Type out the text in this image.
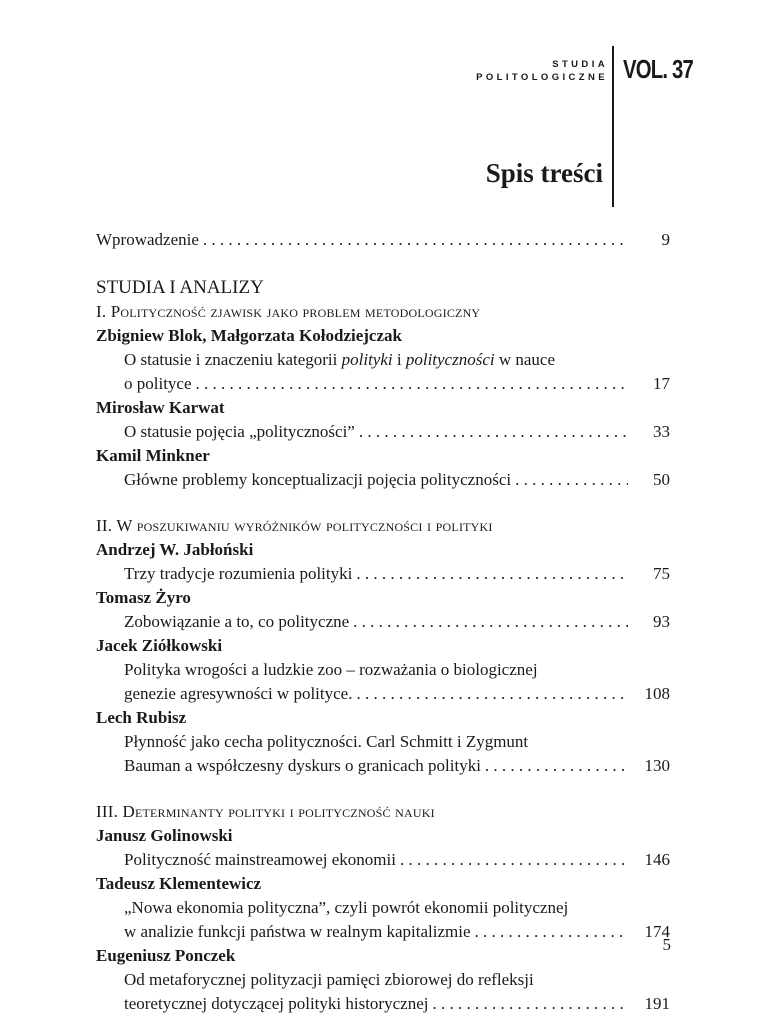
STUDIA
POLITOLOGICZNE VOL. 37
Spis treści
Wprowadzenie . . .	9
STUDIA I ANALIZY
I. Polityczność zjawisk jako problem metodologiczny
Zbigniew Blok, Małgorzata Kołodziejczak
O statusie i znaczeniu kategorii polityki i polityczności w nauce
o polityce . . .	17
Mirosław Karwat
O statusie pojęcia „polityczności” . . .	33
Kamil Minkner
Główne problemy konceptualizacji pojęcia polityczności . . .	50
II. W poszukiwaniu wyróżników polityczności i polityki
Andrzej W. Jabłoński
Trzy tradycje rozumienia polityki . . .	75
Tomasz Żyro
Zobowiązanie a to, co polityczne . . .	93
Jacek Ziółkowski
Polityka wrogości a ludzkie zoo – rozważania o biologicznej
genezie agresywności w polityce. . . .	108
Lech Rubisz
Płynność jako cecha polityczności. Carl Schmitt i Zygmunt
Bauman a współczesny dyskurs o granicach polityki . . .	130
III. Determinanty polityki i polityczność nauki
Janusz Golinowski
Polityczność mainstreamowej ekonomii . . .	146
Tadeusz Klementewicz
„Nowa ekonomia polityczna”, czyli powrót ekonomii politycznej
w analizie funkcji państwa w realnym kapitalizmie . . .	174
Eugeniusz Ponczek
Od metaforycznej polityzacji pamięci zbiorowej do refleksji
teoretycznej dotyczącej polityki historycznej . . .	191
5
